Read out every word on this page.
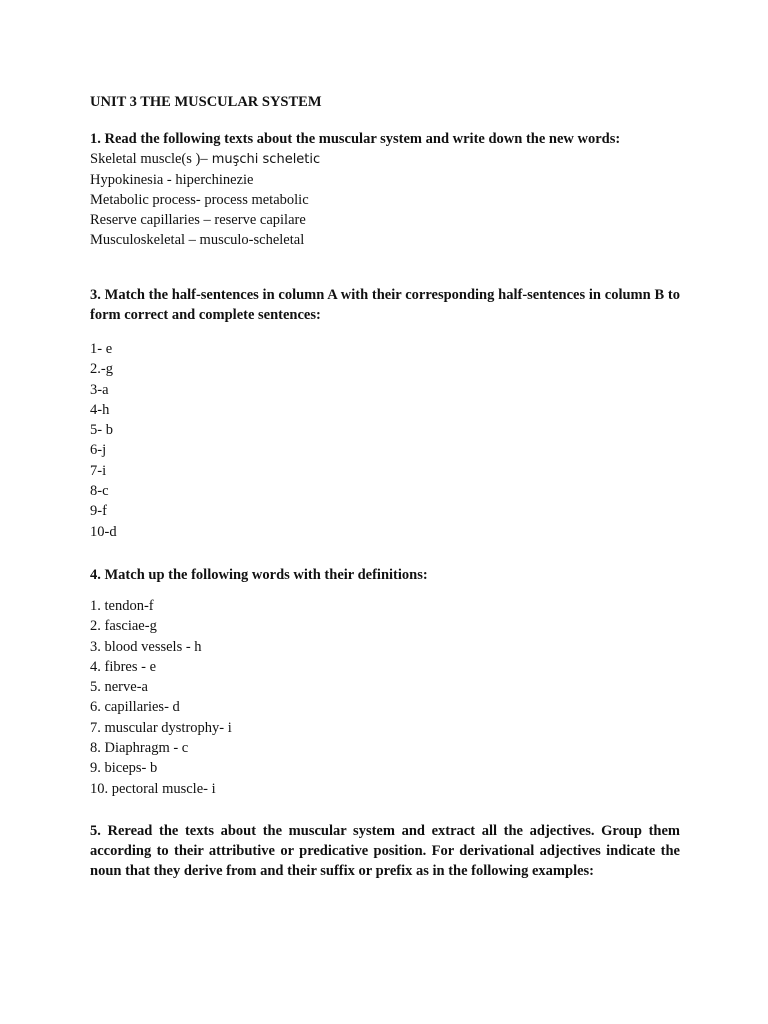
UNIT 3 THE MUSCULAR SYSTEM
1. Read the following texts about the muscular system and write down the new words:
Skeletal muscle(s )– muşchi scheletic
Hypokinesia - hiperchinezie
Metabolic process- process metabolic
Reserve capillaries – reserve capilare
Musculoskeletal – musculo-scheletal
3. Match the half-sentences in column A with their corresponding half-sentences in column B to form correct and complete sentences:
1- e
2.-g
3-a
4-h
5- b
6-j
7-i
8-c
9-f
10-d
4. Match up the following words with their definitions:
1. tendon-f
2. fasciae-g
3. blood vessels - h
4. fibres - e
5. nerve-a
6. capillaries- d
7. muscular dystrophy- i
8. Diaphragm - c
9. biceps- b
10. pectoral muscle- i
5. Reread the texts about the muscular system and extract all the adjectives. Group them according to their attributive or predicative position. For derivational adjectives indicate the noun that they derive from and their suffix or prefix as in the following examples:
